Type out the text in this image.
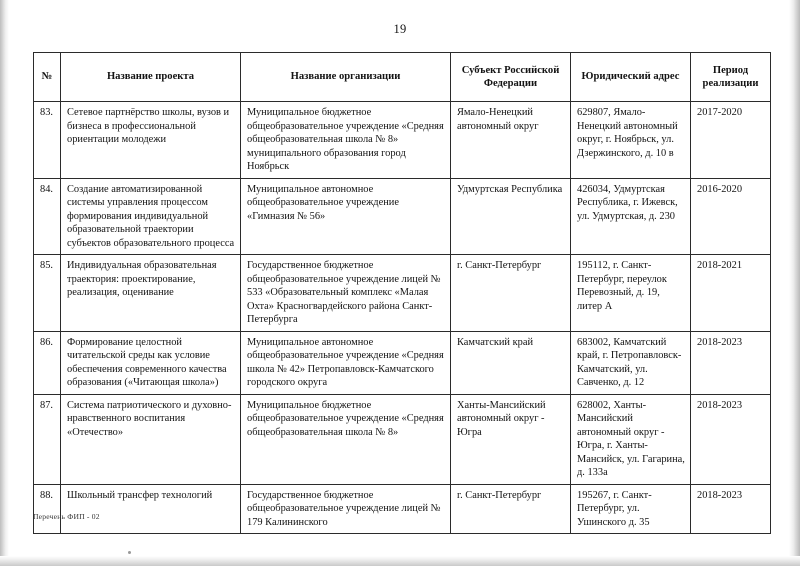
19
№	Название проекта	Название организации	Субъект Российской Федерации	Юридический адрес	Период реализации
83.	Сетевое партнёрство школы, вузов и бизнеса в профессиональной ориентации молодежи	Муниципальное бюджетное общеобразовательное учреждение «Средняя общеобразовательная школа № 8» муниципального образования город Ноябрьск	Ямало-Ненецкий автономный округ	629807, Ямало-Ненецкий автономный округ, г. Ноябрьск, ул. Дзержинского, д. 10 в	2017-2020
84.	Создание автоматизированной системы управления процессом формирования индивидуальной образовательной траектории субъектов образовательного процесса	Муниципальное автономное общеобразовательное учреждение «Гимназия № 56»	Удмуртская Республика	426034, Удмуртская Республика, г. Ижевск, ул. Удмуртская, д. 230	2016-2020
85.	Индивидуальная образовательная траектория: проектирование, реализация, оценивание	Государственное бюджетное общеобразовательное учреждение лицей № 533 «Образовательный комплекс «Малая Охта» Красногвардейского района Санкт-Петербурга	г. Санкт-Петербург	195112, г. Санкт-Петербург, переулок Перевозный, д. 19, литер А	2018-2021
86.	Формирование целостной читательской среды как условие обеспечения современного качества образования («Читающая школа»)	Муниципальное автономное общеобразовательное учреждение «Средняя школа № 42» Петропавловск-Камчатского городского округа	Камчатский край	683002, Камчатский край, г. Петропавловск-Камчатский, ул. Савченко, д. 12	2018-2023
87.	Система патриотического и духовно-нравственного воспитания «Отечество»	Муниципальное бюджетное общеобразовательное учреждение «Средняя общеобразовательная школа № 8»	Ханты-Мансийский автономный округ - Югра	628002, Ханты-Мансийский автономный округ - Югра, г. Ханты-Мансийск, ул. Гагарина, д. 133а	2018-2023
88.	Школьный трансфер технологий	Государственное бюджетное общеобразовательное учреждение лицей № 179 Калининского	г. Санкт-Петербург	195267, г. Санкт-Петербург, ул. Ушинского д. 35	2018-2023
Перечень ФИП - 02
